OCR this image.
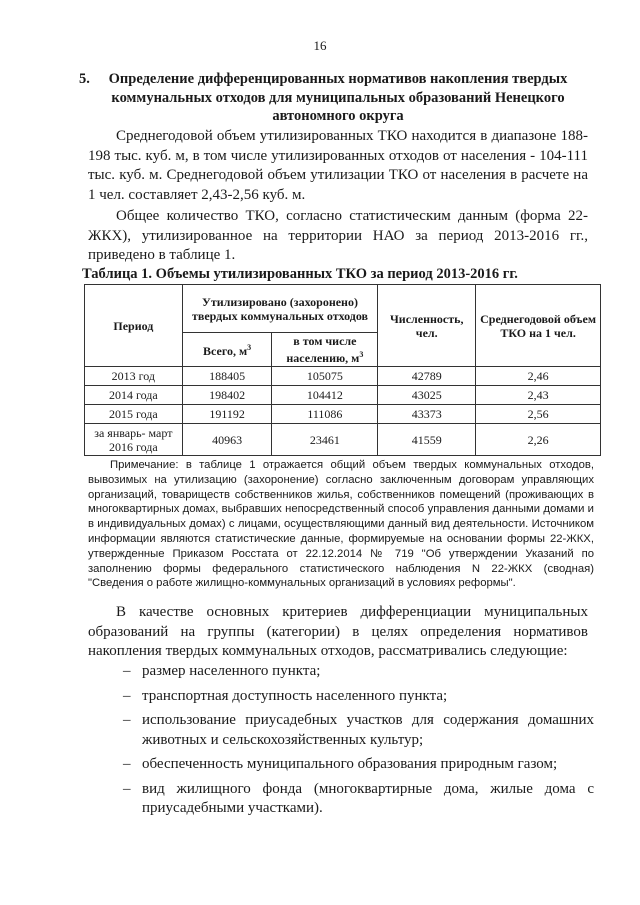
16
5. Определение дифференцированных нормативов накопления твердых коммунальных отходов для муниципальных образований Ненецкого автономного округа
Среднегодовой объем утилизированных ТКО находится в диапазоне 188-198 тыс. куб. м, в том числе утилизированных отходов от населения - 104-111 тыс. куб. м. Среднегодовой объем утилизации ТКО от населения в расчете на 1 чел. составляет 2,43-2,56 куб. м.
Общее количество ТКО, согласно статистическим данным (форма 22-ЖКХ), утилизированное на территории НАО за период 2013-2016 гг., приведено в таблице 1.
Таблица 1. Объемы утилизированных ТКО за период 2013-2016 гг.
Период	Утилизировано (захоронено) твердых коммунальных отходов		Численность, чел.	Среднегодовой объем ТКО на 1 чел.
	Всего, $м^3$	в том числе населению, $м^3$
2013 год	188405	105075	42789	2,46
2014 года	198402	104412	43025	2,43
2015 года	191192	111086	43373	2,56
за январь- март 2016 года	40963	23461	41559	2,26
Примечание: в таблице 1 отражается общий объем твердых коммунальных отходов, вывозимых на утилизацию (захоронение) согласно заключенным договорам управляющих организаций, товариществ собственников жилья, собственников помещений (проживающих в многоквартирных домах, выбравших непосредственный способ управления данными домами и в индивидуальных домах) с лицами, осуществляющими данный вид деятельности. Источником информации являются статистические данные, формируемые на основании формы 22-ЖКХ, утвержденные Приказом Росстата от 22.12.2014 № 719 "Об утверждении Указаний по заполнению формы федерального статистического наблюдения N 22-ЖКХ (сводная) "Сведения о работе жилищно-коммунальных организаций в условиях реформы".
В качестве основных критериев дифференциации муниципальных образований на группы (категории) в целях определения нормативов накопления твердых коммунальных отходов, рассматривались следующие:
– размер населенного пункта;
– транспортная доступность населенного пункта;
– использование приусадебных участков для содержания домашних животных и сельскохозяйственных культур;
– обеспеченность муниципального образования природным газом;
– вид жилищного фонда (многоквартирные дома, жилые дома с приусадебными участками).
